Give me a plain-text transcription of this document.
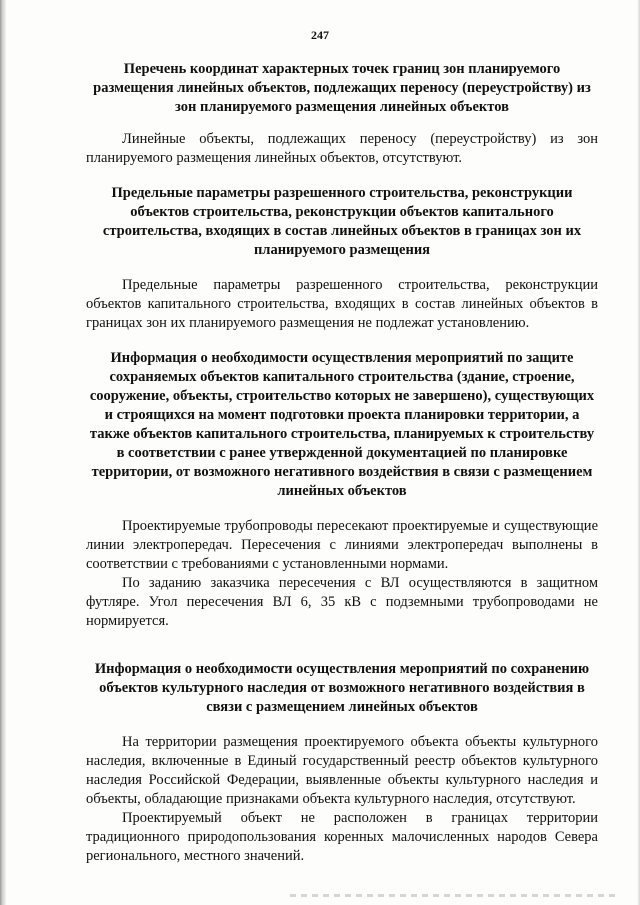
247
Перечень координат характерных точек границ зон планируемого размещения линейных объектов, подлежащих переносу (переустройству) из зон планируемого размещения линейных объектов
Линейные объекты, подлежащих переносу (переустройству) из зон планируемого размещения линейных объектов, отсутствуют.
Предельные параметры разрешенного строительства, реконструкции объектов строительства, реконструкции объектов капитального строительства, входящих в состав линейных объектов в границах зон их планируемого размещения
Предельные параметры разрешенного строительства, реконструкции объектов капитального строительства, входящих в состав линейных объектов в границах зон их планируемого размещения не подлежат установлению.
Информация о необходимости осуществления мероприятий по защите сохраняемых объектов капитального строительства (здание, строение, сооружение, объекты, строительство которых не завершено), существующих и строящихся на момент подготовки проекта планировки территории, а также объектов капитального строительства, планируемых к строительству в соответствии с ранее утвержденной документацией по планировке территории, от возможного негативного воздействия в связи с размещением линейных объектов
Проектируемые трубопроводы пересекают проектируемые и существующие линии электропередач. Пересечения с линиями электропередач выполнены в соответствии с требованиями с установленными нормами.
По заданию заказчика пересечения с ВЛ осуществляются в защитном футляре. Угол пересечения ВЛ 6, 35 кВ с подземными трубопроводами не нормируется.
Информация о необходимости осуществления мероприятий по сохранению объектов культурного наследия от возможного негативного воздействия в связи с размещением линейных объектов
На территории размещения проектируемого объекта объекты культурного наследия, включенные в Единый государственный реестр объектов культурного наследия Российской Федерации, выявленные объекты культурного наследия и объекты, обладающие признаками объекта культурного наследия, отсутствуют.
Проектируемый объект не расположен в границах территории традиционного природопользования коренных малочисленных народов Севера регионального, местного значений.
